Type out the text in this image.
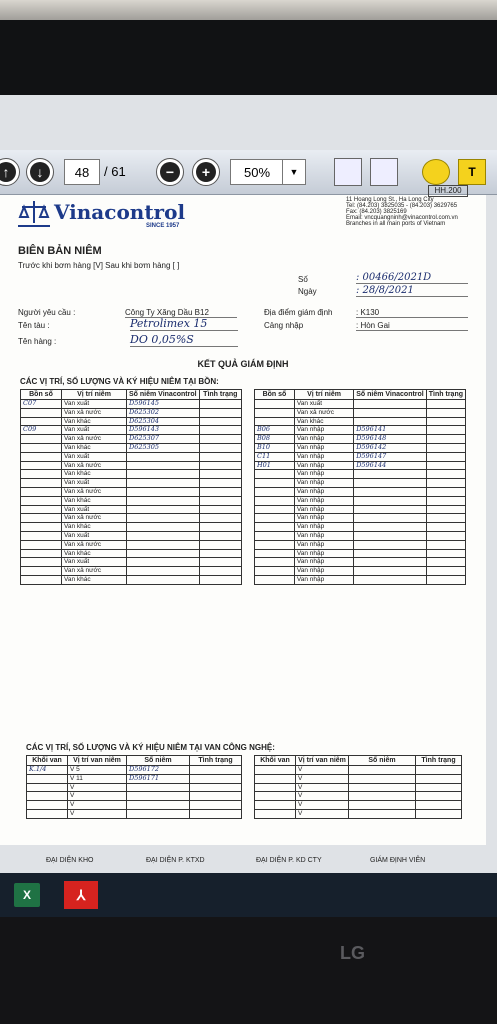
↑	↓	48	/ 61	−	+	50%	▼	T
Vinacontrol
SINCE 1957
HH.200
11 Hoang Long St., Ha Long City
Tel: (84.203) 3825035 - (84.203) 3629765
Fax: (84.203) 3825169
Email: vncquangninh@vinacontrol.com.vn
Branches in all main ports of Vietnam
BIÊN BẢN NIÊM
Trước khi bơm hàng [V] Sau khi bơm hàng [ ]
Số	: 00466/2021D
Ngày	: 28/8/2021
Người yêu cầu :	Công Ty Xăng Dầu B12
Tên tàu :	Petrolimex 15
Tên hàng :	DO 0,05%S
Địa điểm giám định	: K130
Cảng nhập	: Hòn Gai
KẾT QUẢ GIÁM ĐỊNH
CÁC VỊ TRÍ, SỐ LƯỢNG VÀ KÝ HIỆU NIÊM TẠI BỒN:
Bồn số	Vị trí niêm	Số niêm Vinacontrol	Tình trạng
C07	Van xuất	D596145	
	Van xả nước	D625302	
	Van khác	D625304	
C09	Van xuất	D596143	
	Van xả nước	D625307	
	Van khác	D625305	
	Van xuất		
	Van xả nước		
	Van khác		
	Van xuất		
	Van xả nước		
	Van khác		
	Van xuất		
	Van xả nước		
	Van khác		
	Van xuất		
	Van xả nước		
	Van khác		
	Van xuất		
	Van xả nước		
	Van khác		
Bồn số	Vị trí niêm	Số niêm Vinacontrol	Tình trạng
	Van xuất		
	Van xả nước		
	Van khác		
B06	Van nhập	D596141	
B08	Van nhập	D596148	
B10	Van nhập	D596142	
C11	Van nhập	D596147	
H01	Van nhập	D596144	
	Van nhập		
	Van nhập		
	Van nhập		
	Van nhập		
	Van nhập		
	Van nhập		
	Van nhập		
	Van nhập		
	Van nhập		
	Van nhập		
	Van nhập		
	Van nhập		
	Van nhập		
CÁC VỊ TRÍ, SỐ LƯỢNG VÀ KÝ HIỆU NIÊM TẠI VAN CÔNG NGHỆ:
Khối van	Vị trí van niêm	Số niêm	Tình trạng
K.1/4	V 5	D596172	
	V 11	D596171	
	V		
	V		
	V		
	V		
Khối van	Vị trí van niêm	Số niêm	Tình trạng
	V		
	V		
	V		
	V		
	V		
	V		
ĐẠI DIỆN KHO	ĐẠI DIỆN P. KTXD	ĐẠI DIỆN P. KD CTY	GIÁM ĐỊNH VIÊN
X	⅄
LG
